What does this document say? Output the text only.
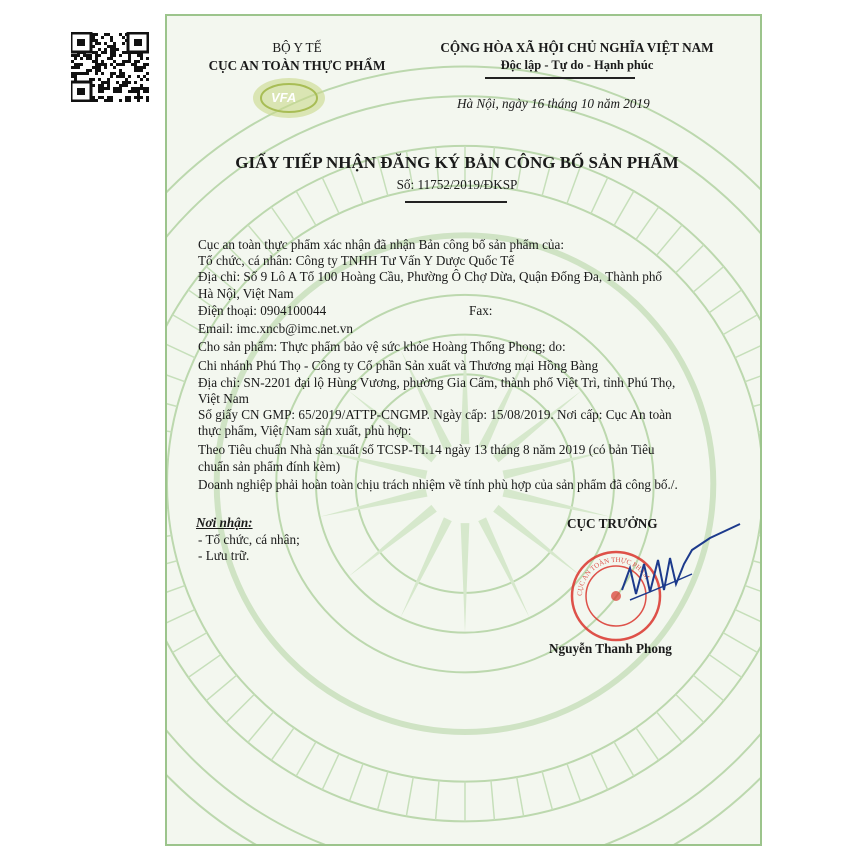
BỘ Y TẾ
CỤC AN TOÀN THỰC PHẨM
VFA
CỘNG HÒA XÃ HỘI CHỦ NGHĨA VIỆT NAM
Độc lập - Tự do - Hạnh phúc
Hà Nội, ngày 16 tháng 10 năm 2019
GIẤY TIẾP NHẬN ĐĂNG KÝ BẢN CÔNG BỐ SẢN PHẨM
Số: 11752/2019/ĐKSP
Cục an toàn thực phẩm xác nhận đã nhận Bản công bố sản phẩm của:
Tổ chức, cá nhân: Công ty TNHH Tư Vấn Y Dược Quốc Tế
Địa chỉ: Số 9 Lô A Tổ 100 Hoàng Cầu, Phường Ô Chợ Dừa, Quận Đống Đa, Thành phố
Hà Nội, Việt Nam
Điện thoại: 0904100044	Fax:
Email: imc.xncb@imc.net.vn
Cho sản phẩm: Thực phẩm bảo vệ sức khỏe Hoàng Thống Phong; do:
Chi nhánh Phú Thọ - Công ty Cổ phần Sản xuất và Thương mại Hồng Bàng
Địa chỉ: SN-2201 đại lộ Hùng Vương, phường Gia Cẩm, thành phố Việt Trì, tỉnh Phú Thọ,
Việt Nam
Số giấy CN GMP: 65/2019/ATTP-CNGMP. Ngày cấp: 15/08/2019. Nơi cấp: Cục An toàn
thực phẩm, Việt Nam sản xuất, phù hợp:
Theo Tiêu chuẩn Nhà sản xuất số TCSP-TI.14 ngày 13 tháng 8 năm 2019 (có bản Tiêu
chuẩn sản phẩm đính kèm)
Doanh nghiệp phải hoàn toàn chịu trách nhiệm về tính phù hợp của sản phẩm đã công bố./.
Nơi nhận:
- Tổ chức, cá nhân;
- Lưu trữ.
CỤC TRƯỞNG
Nguyễn Thanh Phong
CỤC AN TOÀN THỰC PHẨM
